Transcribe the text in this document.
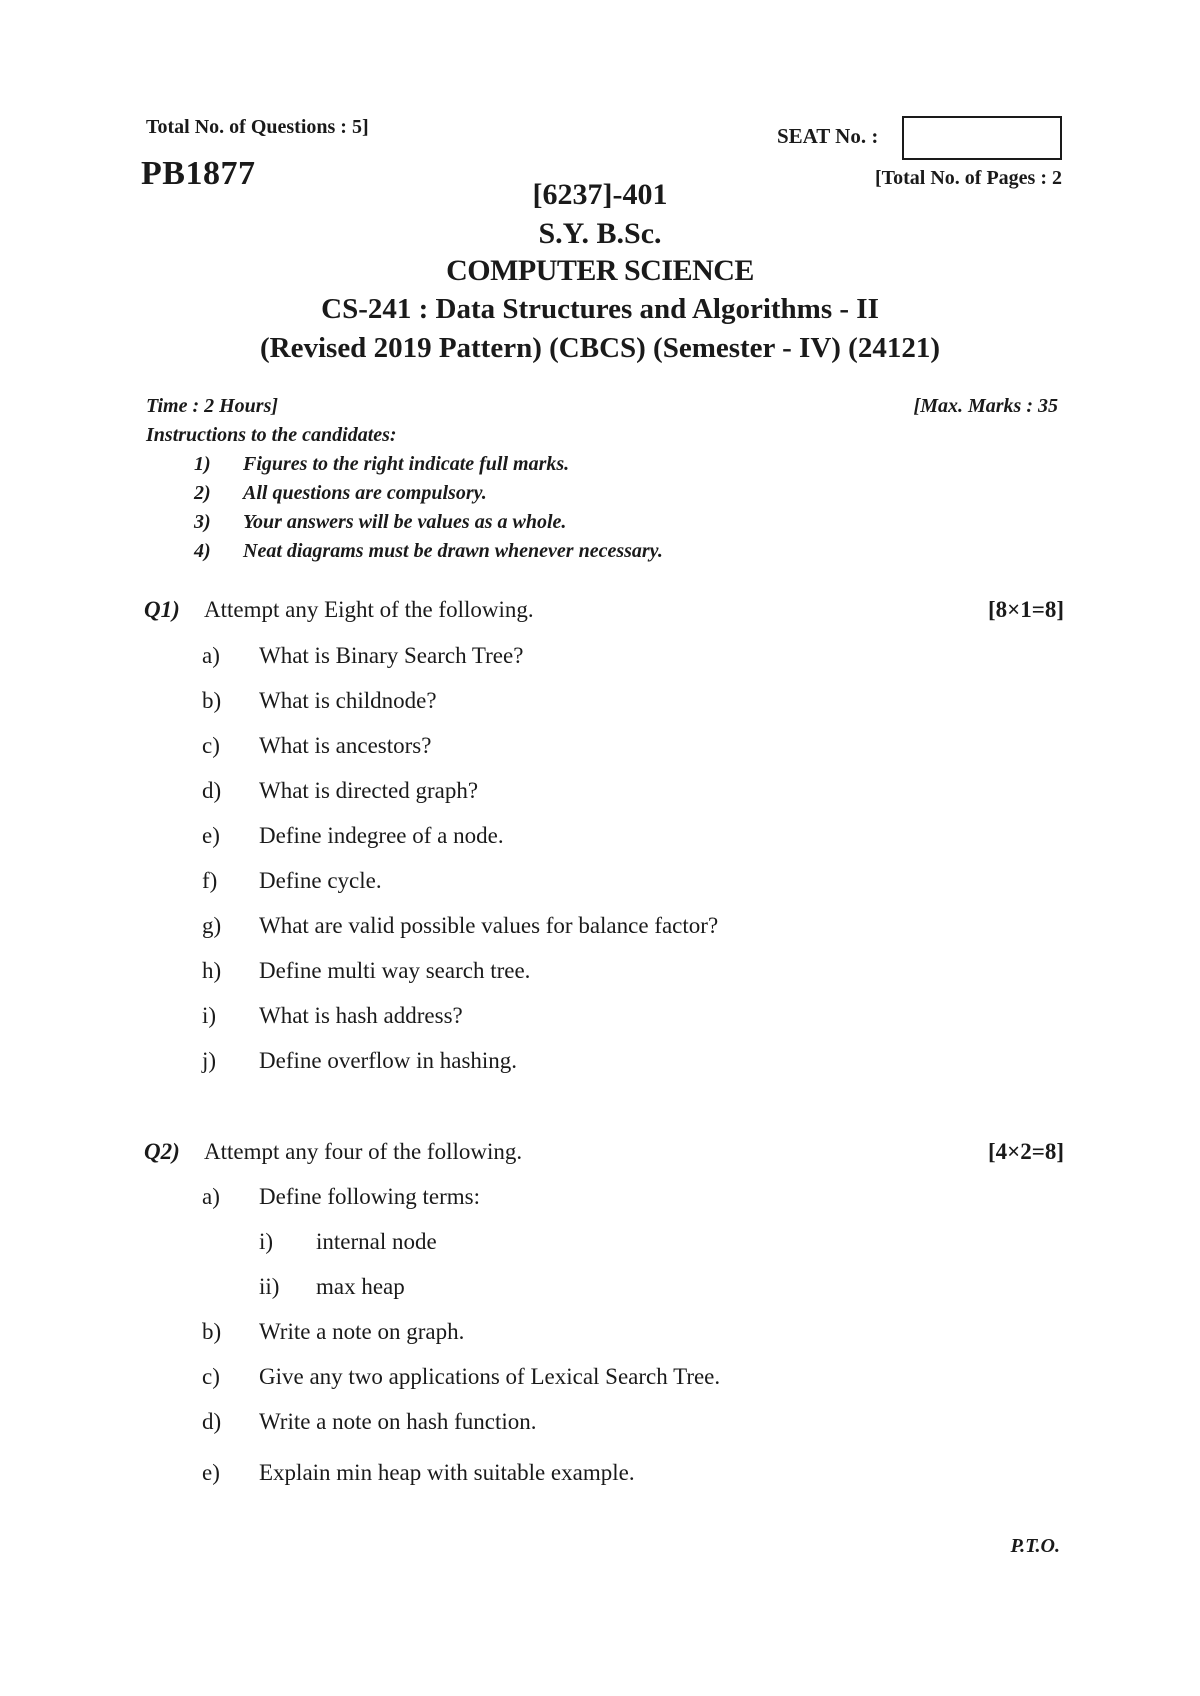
Total No. of Questions : 5]
PB1877
SEAT No. :
[Total No. of Pages : 2
[6237]-401
S.Y. B.Sc.
COMPUTER SCIENCE
CS-241 : Data Structures and Algorithms - II
(Revised 2019 Pattern) (CBCS) (Semester - IV) (24121)
Time : 2 Hours]	[Max. Marks : 35
Instructions to the candidates:
1) Figures to the right indicate full marks.
2) All questions are compulsory.
3) Your answers will be values as a whole.
4) Neat diagrams must be drawn whenever necessary.
Q1) Attempt any Eight of the following.	[8×1=8]
a) What is Binary Search Tree?
b) What is childnode?
c) What is ancestors?
d) What is directed graph?
e) Define indegree of a node.
f) Define cycle.
g) What are valid possible values for balance factor?
h) Define multi way search tree.
i) What is hash address?
j) Define overflow in hashing.
Q2) Attempt any four of the following.	[4×2=8]
a) Define following terms:
i) internal node
ii) max heap
b) Write a note on graph.
c) Give any two applications of Lexical Search Tree.
d) Write a note on hash function.
e) Explain min heap with suitable example.
P.T.O.
